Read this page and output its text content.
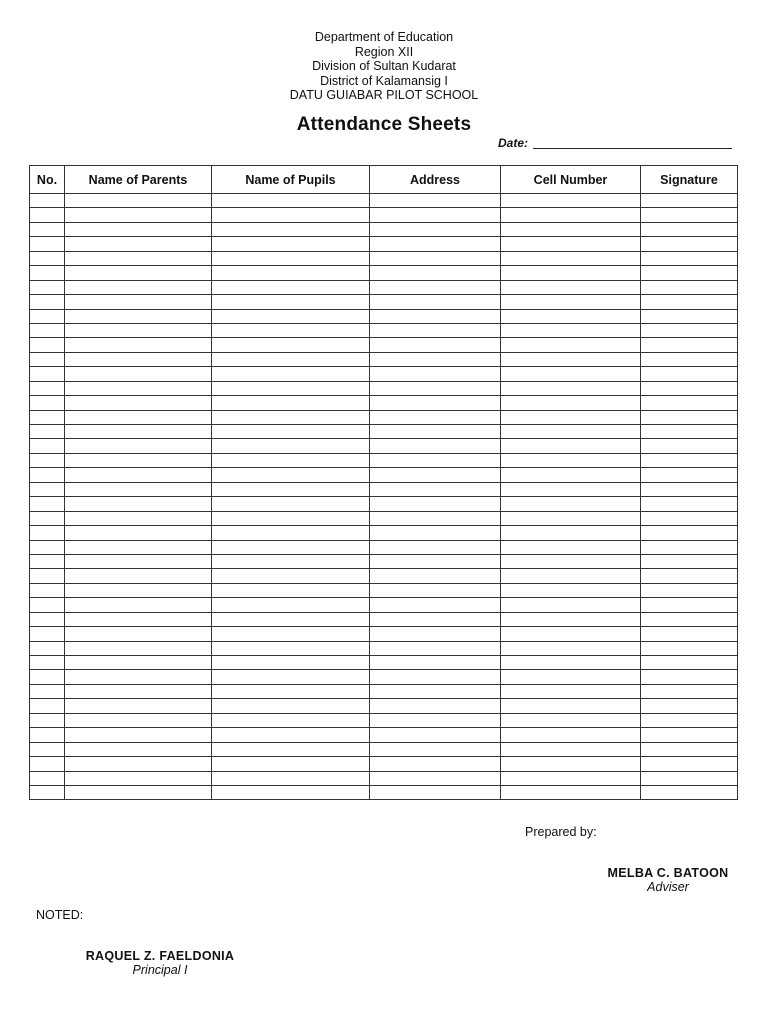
Department of Education
Region XII
Division of Sultan Kudarat
District of Kalamansig I
DATU GUIABAR PILOT SCHOOL
Attendance Sheets
Date:
No.	Name of Parents	Name of Pupils	Address	Cell Number	Signature

Prepared by:
MELBA C. BATOON
Adviser
NOTED:
RAQUEL Z. FAELDONIA
Principal I
